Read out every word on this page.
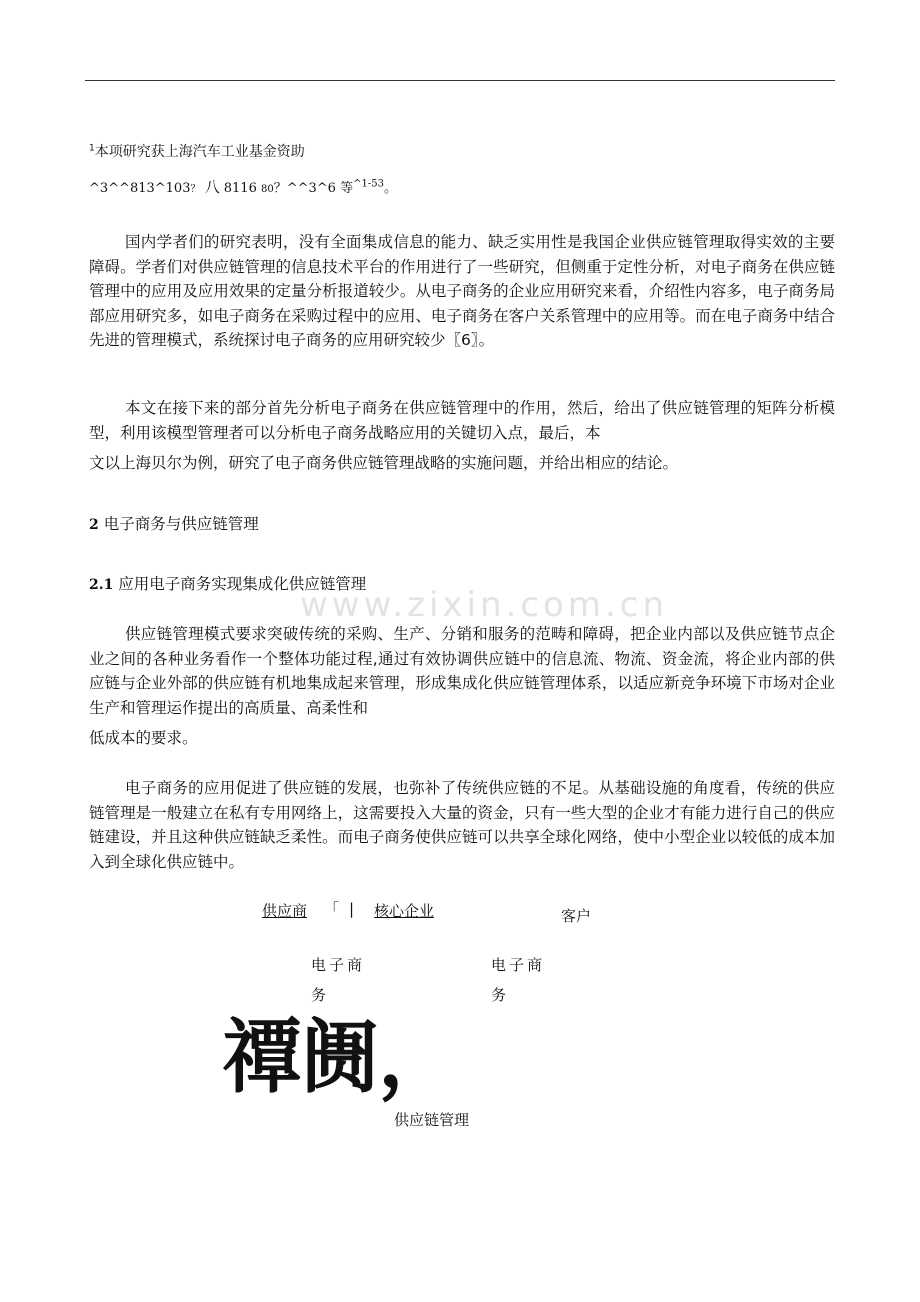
$^1$本项研究获上海汽车工业基金资助
^3^^813^103？ 八 8116 80？^^3^6 等$^{\^{}1-53}$。
www.zixin.com.cn
国内学者们的研究表明，没有全面集成信息的能力、缺乏实用性是我国企业供应链管理取得实效的主要障碍。学者们对供应链管理的信息技术平台的作用进行了一些研究，但侧重于定性分析，对电子商务在供应链管理中的应用及应用效果的定量分析报道较少。从电子商务的企业应用研究来看，介绍性内容多，电子商务局部应用研究多，如电子商务在采购过程中的应用、电子商务在客户关系管理中的应用等。而在电子商务中结合先进的管理模式，系统探讨电子商务的应用研究较少〖6〗。
本文在接下来的部分首先分析电子商务在供应链管理中的作用，然后，给出了供应链管理的矩阵分析模型，利用该模型管理者可以分析电子商务战略应用的关键切入点，最后，本
文以上海贝尔为例，研究了电子商务供应链管理战略的实施问题，并给出相应的结论。
2 电子商务与供应链管理
2.1 应用电子商务实现集成化供应链管理
供应链管理模式要求突破传统的采购、生产、分销和服务的范畴和障碍，把企业内部以及供应链节点企业之间的各种业务看作一个整体功能过程,通过有效协调供应链中的信息流、物流、资金流，将企业内部的供应链与企业外部的供应链有机地集成起来管理，形成集成化供应链管理体系，以适应新竞争环境下市场对企业生产和管理运作提出的高质量、高柔性和
低成本的要求。
电子商务的应用促进了供应链的发展，也弥补了传统供应链的不足。从基础设施的角度看，传统的供应链管理是一般建立在私有专用网络上，这需要投入大量的资金，只有一些大型的企业才有能力进行自己的供应链建设，并且这种供应链缺乏柔性。而电子商务使供应链可以共享全球化网络，使中小型企业以较低的成本加入到全球化供应链中。
供应商 「 | 核心企业	客户
电子商
务
电子商
务
禫阓，
供应链管理
